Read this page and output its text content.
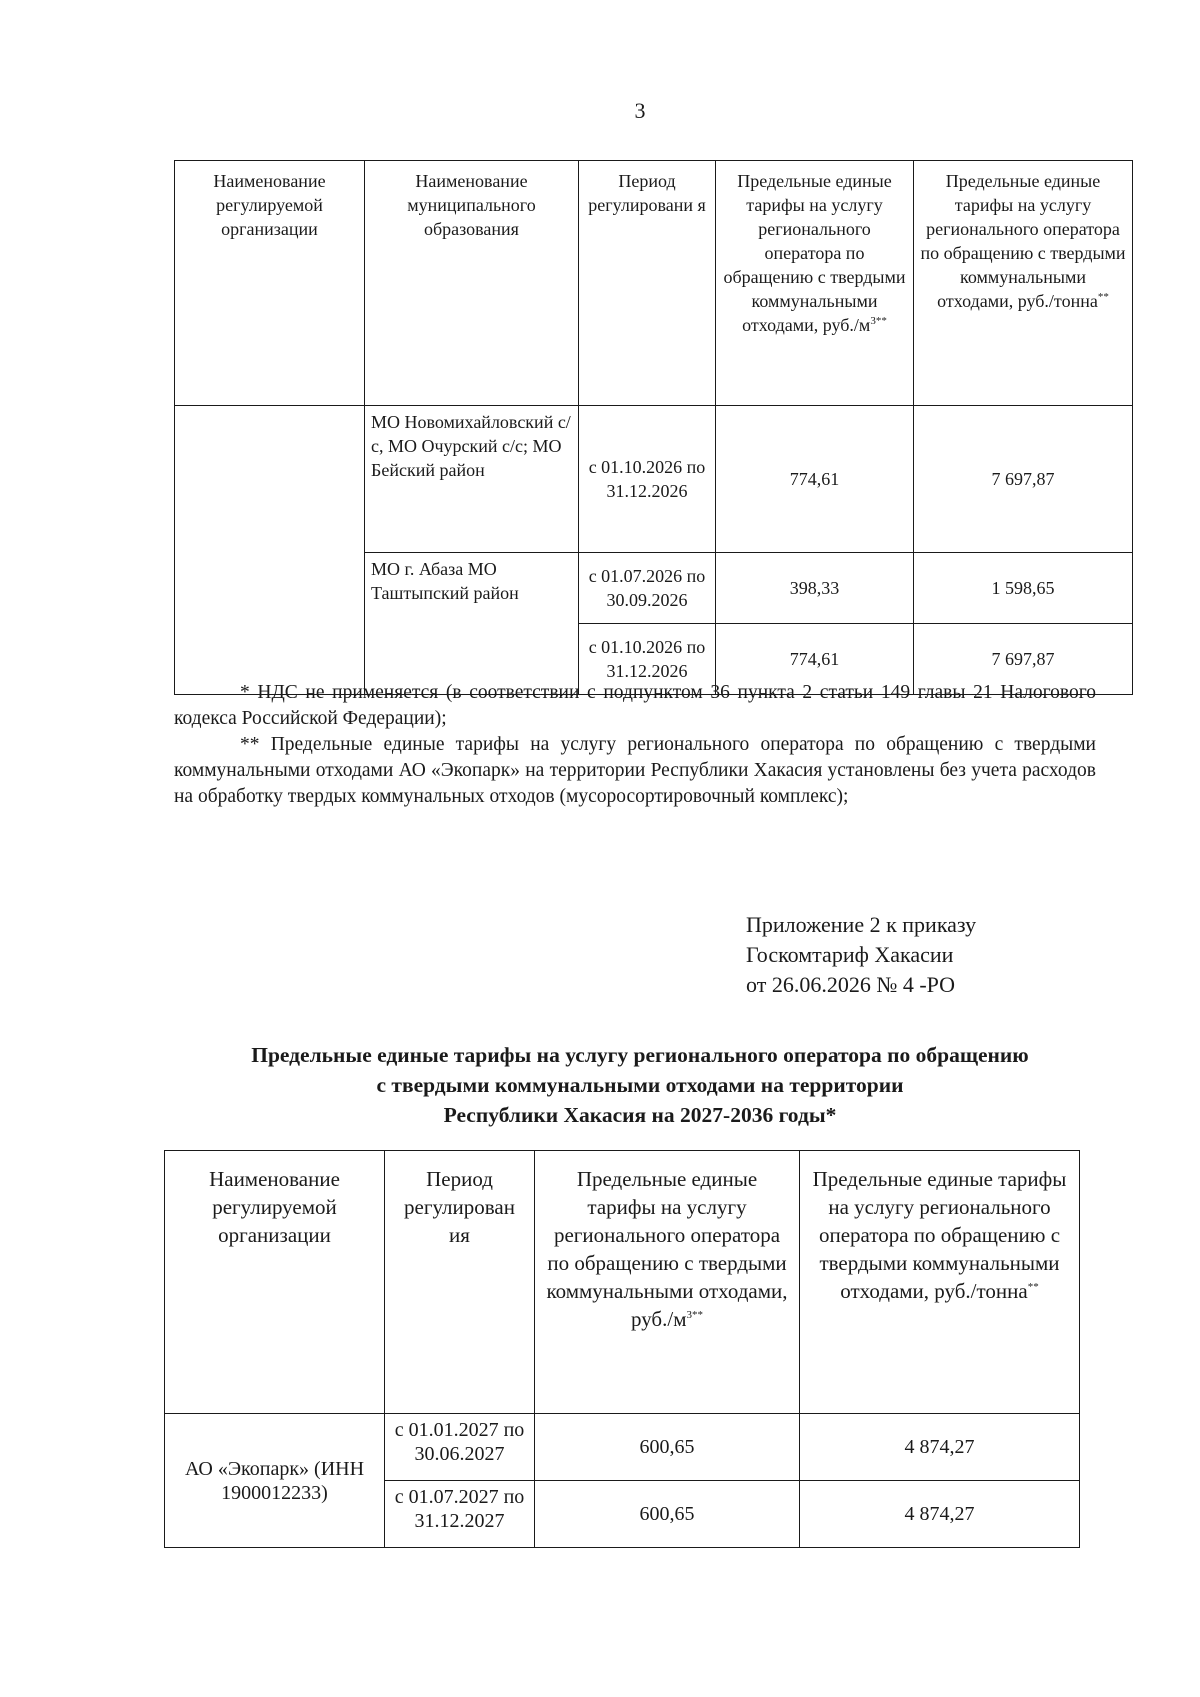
3
Наименование регулируемой организации	Наименование муниципального образования	Период регулировани я	Предельные единые тарифы на услугу регионального оператора по обращению с твердыми коммунальными отходами, $руб./м^{3**}$	Предельные единые тарифы на услугу регионального оператора по обращению с твердыми коммунальными отходами, руб./тонна**
	МО Новомихайловский с/с, МО Очурский с/с; МО Бейский район	с 01.10.2026 по 31.12.2026	774,61	7 697,87
	МО г. Абаза МО Таштыпский район	с 01.07.2026 по 30.09.2026	398,33	1 598,65
		с 01.10.2026 по 31.12.2026	774,61	7 697,87

* НДС не применяется (в соответствии с подпунктом 36 пункта 2 статьи 149 главы 21 Налогового кодекса Российской Федерации);

** Предельные единые тарифы на услугу регионального оператора по обращению с твердыми коммунальными отходами АО «Экопарк» на территории Республики Хакасия установлены без учета расходов на обработку твердых коммунальных отходов (мусоросортировочный комплекс);

Приложение 2 к приказу
Госкомтариф Хакасии
от 26.06.2026 № 4 -РО
Предельные единые тарифы на услугу регионального оператора по обращению
с твердыми коммунальными отходами на территории
Республики Хакасия на 2027-2036 годы*
Наименование регулируемой организации	Период регулирован ия	Предельные единые тарифы на услугу регионального оператора по обращению с твердыми коммунальными отходами, $руб./м^{3**}$	Предельные единые тарифы на услугу регионального оператора по обращению с твердыми коммунальными отходами, руб./тонна**
АО «Экопарк» (ИНН 1900012233)	с 01.01.2027 по 30.06.2027	600,65	4 874,27
	с 01.07.2027 по 31.12.2027	600,65	4 874,27
